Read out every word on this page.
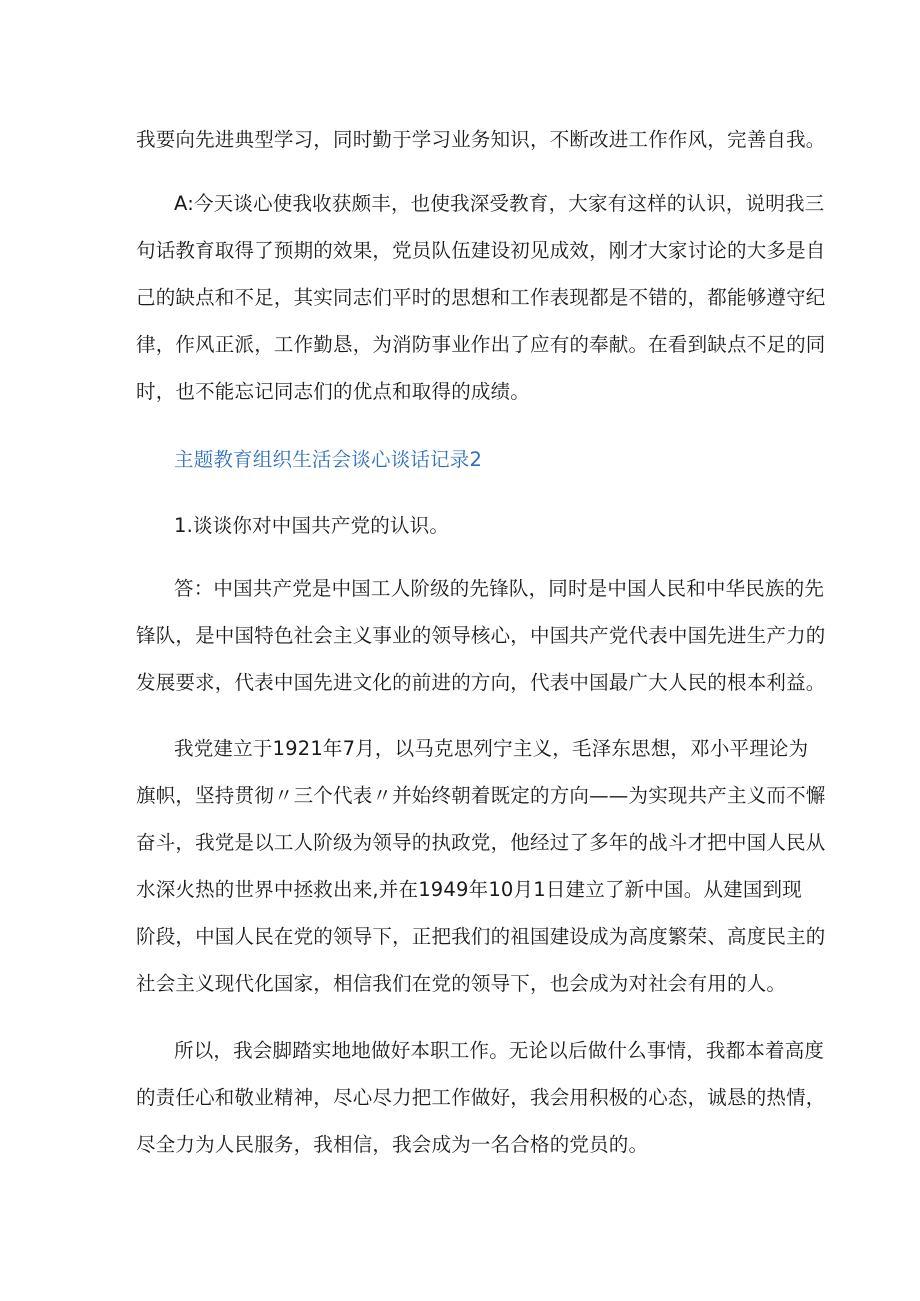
我要向先进典型学习，同时勤于学习业务知识，不断改进工作作风，完善自我。
A:今天谈心使我收获颇丰，也使我深受教育，大家有这样的认识，说明我三
句话教育取得了预期的效果，党员队伍建设初见成效，刚才大家讨论的大多是自
己的缺点和不足，其实同志们平时的思想和工作表现都是不错的，都能够遵守纪
律，作风正派，工作勤恳，为消防事业作出了应有的奉献。在看到缺点不足的同
时，也不能忘记同志们的优点和取得的成绩。
主题教育组织生活会谈心谈话记录2
1.谈谈你对中国共产党的认识。
答：中国共产党是中国工人阶级的先锋队，同时是中国人民和中华民族的先
锋队，是中国特色社会主义事业的领导核心，中国共产党代表中国先进生产力的
发展要求，代表中国先进文化的前进的方向，代表中国最广大人民的根本利益。
我党建立于1921年7月，以马克思列宁主义，毛泽东思想，邓小平理论为
旗帜，坚持贯彻〃三个代表〃并始终朝着既定的方向——为实现共产主义而不懈
奋斗，我党是以工人阶级为领导的执政党，他经过了多年的战斗才把中国人民从
水深火热的世界中拯救出来,并在1949年10月1日建立了新中国。从建国到现
阶段，中国人民在党的领导下，正把我们的祖国建设成为高度繁荣、高度民主的
社会主义现代化国家，相信我们在党的领导下，也会成为对社会有用的人。
所以，我会脚踏实地地做好本职工作。无论以后做什么事情，我都本着高度
的责任心和敬业精神，尽心尽力把工作做好，我会用积极的心态，诚恳的热情，
尽全力为人民服务，我相信，我会成为一名合格的党员的。
